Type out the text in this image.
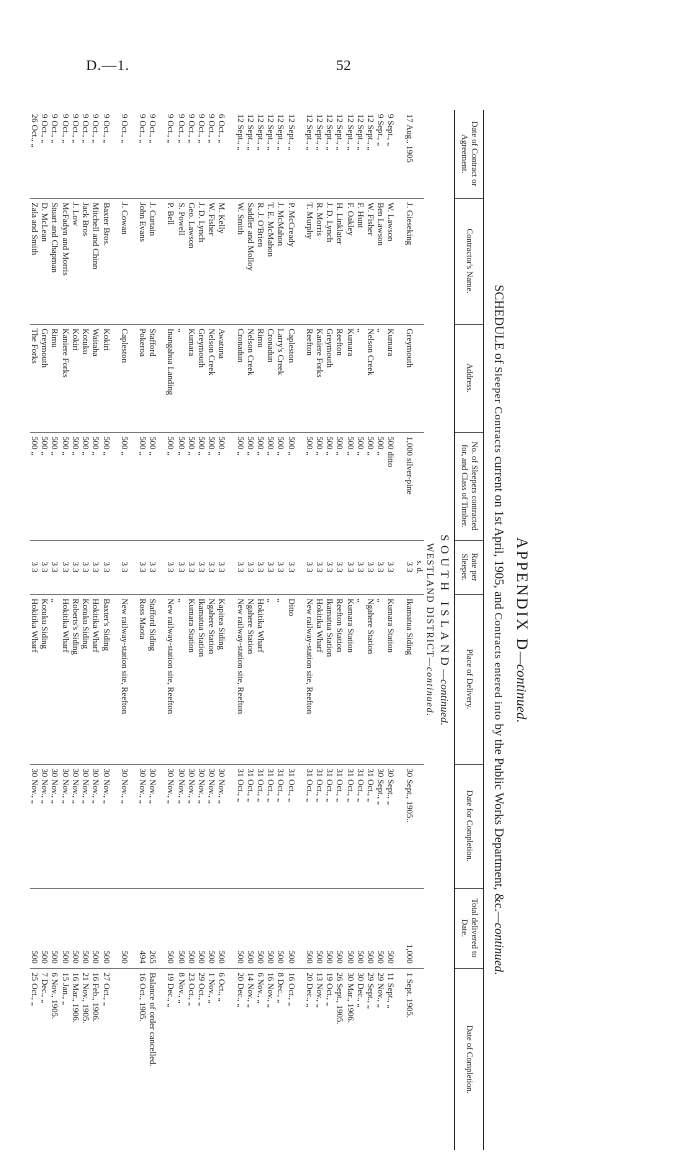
D.—1.	52
APPENDIX D—continued.
SCHEDULE of Sleeper Contracts current on 1st April, 1905, and Contracts entered into by the Public Works Department, &c.—continued.
Date of Contract or Agreement.	Contractor's Name.	Address.	No. of Sleepers contracted for, and Class of Timber.	Rate per Sleeper.	Place of Delivery.	Date for Completion.	Total delivered to Date.	Date of Completion.
SOUTH ISLAND—continued.								
WESTLAND DISTRICT—continued.								
				s. d.				
17 Aug., 1905	J. Gieseking	Greymouth	1,000 silver-pine	3 3	Ikamatua Siding	30 Sept., 1905..	1,000	1 Sept. 1905.

9 Sept., „	W. Lawson	Kumara	500 ditto	3 3	Kumara Station	30 Sept., „	500	11 Sept., „
9 Sept., „	Ben Lawson	„	500 „	3 3	„	30 Sept., „	500	29 Nov., „
12 Sept., „	W. Fisher	Nelson Creek	500 „	3 3	Ngahere Station	31 Oct., „	500	29 Sept., „
12 Sept., „	F. Hunt	„	500 „	3 3	„	31 Oct., „	500	30 Dec., „
12 Sept., „	F. Oakley	Kumara	500 „	3 3	Kumara Station	31 Oct., „	500	30 Mar., 1906.
12 Sept., „	H. Linklater	Reefton	500 „	3 3	Reefton Station	31 Oct., „	500	26 Sept., 1905.
12 Sept., „	J. D. Lynch	Greymouth	500 „	3 3	Ikamatua Station	31 Oct., „	500	19 Oct., „
12 Sept., „	R. Morris	Kaniere Forks	500 „	3 3	Hokitika Wharf	31 Oct., „	500	13 Nov., „
12 Sept., „	T. Murphy	Reefton	500 „	3 3	New railway-station site, Reefton	31 Oct., „	500	20 Dec., „

12 Sept., „	P. McCready	Capleston	500 „	3 3	Ditto	31 Oct., „	500	16 Oct., „
12 Sept., „	J. McMahon	Larry's Creek	500 „	3 3	„	31 Oct., „	500	8 Dec., „
12 Sept., „	T. E. McMahon	Cronadun	500 „	3 3	„	31 Oct., „	500	16 Nov., „
12 Sept., „	R. J. O'Brien	Rimu	500 „	3 3	Hokitika Wharf	31 Oct., „	500	6 Nov., „
12 Sept., „	Saddler and Molloy	Nelson Creek	500 „	3 3	Ngahere Station	31 Oct., „	500	14 Nov., „
12 Sept., „	W. Smith	Cronadun	500 „	3 3	New railway-station site, Reefton	31 Oct., „	500	20 Dec., „

6 Oct., „	M. Kelly	Awatuna	500 „	3 3	Kapitea Siding	30 Nov., „	500	6 Oct., „
9 Oct., „	W. Fisher	Nelson Creek	500 „	3 3	Ngahere Station	30 Nov., „	500	1 Nov., „
9 Oct., „	J. D. Lynch	Greymouth	500 „	3 3	Ikamatua Station	30 Nov., „	500	29 Oct., „
9 Oct., „	Geo. Lawson	Kumara	500 „	3 3	Kumara Station	30 Nov., „	500	23 Oct., „
9 Oct., „	S. Powell	„	500 „	3 3	„	30 Nov., „	500	8 Nov., „
9 Oct., „	P. Bell	Inangahua Landing	500 „	3 3	New railway-station site, Reefton	30 Nov., „	500	19 Dec., „

9 Oct., „	J. Curtain	Stafford	500 „	3 3	Stafford Siding	30 Nov., „	265	Balance of order cancelled.
9 Oct., „	John Evans	Pokeroa	500 „	3 3	Ross Maota	30 Nov., „	494	16 Oct., 1905.

9 Oct., „	J. Cowan	Capleston	500 „	3 3	New railway-station site, Reefton	30 Nov., „	500	

9 Oct., „	Baxter Bros.	Kokiri	500 „	3 3	Baxter's Siding	30 Nov., „	500	27 Oct., „
9 Oct., „	Mitchell and Chinn	Waitaha	500 „	3 3	Hokitika Wharf	30 Nov., „	500	16 Feb., 1906.
9 Oct., „	Jack Bros	Kotuku	500 „	3 3	Kotuku Siding	30 Nov., „	500	21 Nov., 1905.
9 Oct., „	J. Low	Kokiri	500 „	3 3	Roberts's Siding	30 Nov., „	500	16 Mar., 1906.
9 Oct., „	McFadyn and Morris	Kaniere Forks	500 „	3 3	Hokitika Wharf	30 Nov., „	500	15 Jan., „
9 Oct., „	Stuart and Chapman	Rimu	500 „	3 3	„	30 Nov., „	500	6 Nov., 1905.
9 Oct., „	D. McLean	Greymouth	500 „	3 3	Kotuku Siding	30 Nov., „	500	7 Dec., „
26 Oct., „	Zala and Smith	The Forks	500 „	3 3	Hokitika Wharf	30 Nov., „	500	25 Oct., „
